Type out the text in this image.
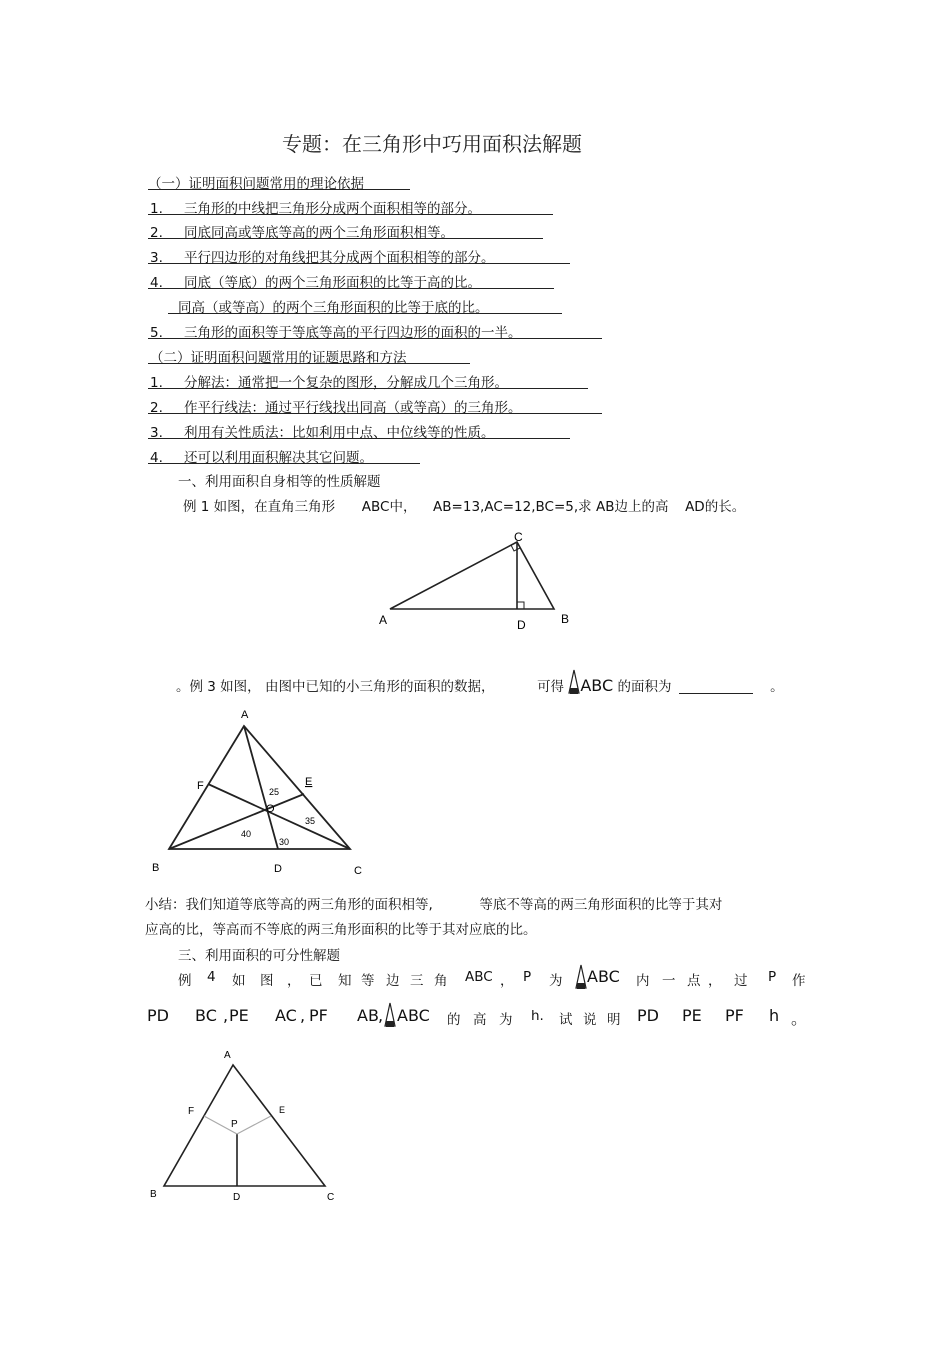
专题：在三角形中巧用面积法解题
（一）证明面积问题常用的理论依据
1. 三角形的中线把三角形分成两个面积相等的部分。
2. 同底同高或等底等高的两个三角形面积相等。
3. 平行四边形的对角线把其分成两个面积相等的部分。
4. 同底（等底）的两个三角形面积的比等于高的比。
同高（或等高）的两个三角形面积的比等于底的比。
5. 三角形的面积等于等底等高的平行四边形的面积的一半。
（二）证明面积问题常用的证题思路和方法
1. 分解法：通常把一个复杂的图形，分解成几个三角形。
2. 作平行线法：通过平行线找出同高（或等高）的三角形。
3. 利用有关性质法：比如利用中点、中位线等的性质。
4. 还可以利用面积解决其它问题。
一、利用面积自身相等的性质解题
例 1 如图，在直角三角形 ABC中， AB=13,AC=12,BC=5,求 AB边上的高 AD的长。
A
C
D	B
。例 3 如图， 由图中已知的小三角形的面积的数据，	可得 ABC 的面积为	。
A
F	E
O
25
35
40
30
B	D	C
小结：我们知道等底等高的两三角形的面积相等,	等底不等高的两三角形面积的比等于其对
应高的比，等高而不等底的两三角形面积的比等于其对应底的比。
三、利用面积的可分性解题
例 4 如 图 ， 已 知 等 边 三 角 ABC ， P 为 ABC 内 一 点 ， 过 P 作
PD BC , PE AC , PF AB , ABC 的 高 为 h. 试 说 明 PD PE PF h 。
A
F	E
P
B	D	C
